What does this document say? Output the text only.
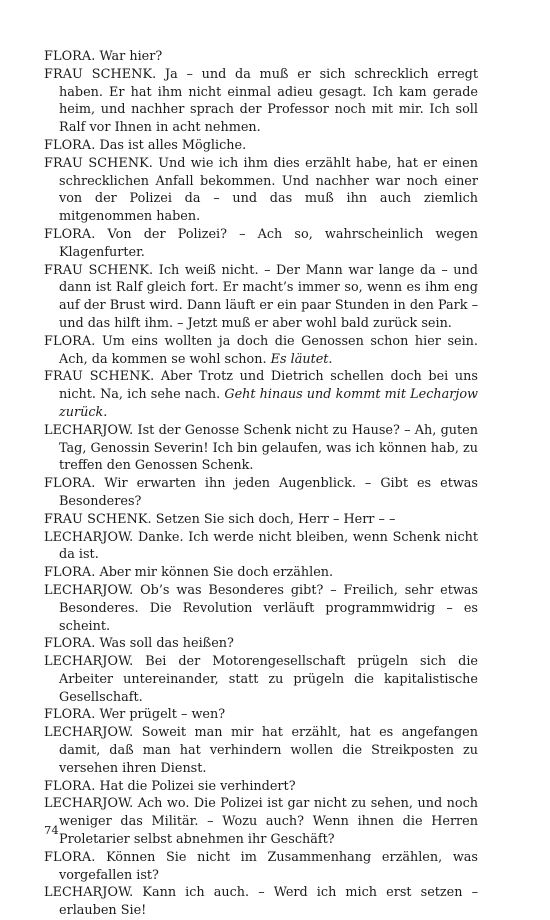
FLORA. War hier?

FRAU SCHENK. Ja – und da muß er sich schrecklich erregt haben. Er hat ihm nicht einmal adieu gesagt. Ich kam gerade heim, und nachher sprach der Professor noch mit mir. Ich soll Ralf vor Ihnen in acht nehmen.

FLORA. Das ist alles Mögliche.

FRAU SCHENK. Und wie ich ihm dies erzählt habe, hat er einen schrecklichen Anfall bekommen. Und nachher war noch einer von der Polizei da – und das muß ihn auch ziemlich mitgenommen haben.

FLORA. Von der Polizei? – Ach so, wahrscheinlich wegen Klagenfurter.

FRAU SCHENK. Ich weiß nicht. – Der Mann war lange da – und dann ist Ralf gleich fort. Er macht’s immer so, wenn es ihm eng auf der Brust wird. Dann läuft er ein paar Stunden in den Park – und das hilft ihm. – Jetzt muß er aber wohl bald zurück sein.

FLORA. Um eins wollten ja doch die Genossen schon hier sein. Ach, da kommen se wohl schon. Es läutet.

FRAU SCHENK. Aber Trotz und Dietrich schellen doch bei uns nicht. Na, ich sehe nach. Geht hinaus und kommt mit Lecharjow zurück.

LECHARJOW. Ist der Genosse Schenk nicht zu Hause? – Ah, guten Tag, Genossin Severin! Ich bin gelaufen, was ich können hab, zu treffen den Genossen Schenk.

FLORA. Wir erwarten ihn jeden Augenblick. – Gibt es etwas Besonderes?

FRAU SCHENK. Setzen Sie sich doch, Herr – Herr – –

LECHARJOW. Danke. Ich werde nicht bleiben, wenn Schenk nicht da ist.

FLORA. Aber mir können Sie doch erzählen.

LECHARJOW. Ob’s was Besonderes gibt? – Freilich, sehr etwas Besonderes. Die Revolution verläuft programmwidrig – es scheint.

FLORA. Was soll das heißen?

LECHARJOW. Bei der Motorengesellschaft prügeln sich die Arbeiter untereinander, statt zu prügeln die kapitalistische Gesellschaft.

FLORA. Wer prügelt – wen?

LECHARJOW. Soweit man mir hat erzählt, hat es angefangen damit, daß man hat verhindern wollen die Streikposten zu versehen ihren Dienst.

FLORA. Hat die Polizei sie verhindert?

LECHARJOW. Ach wo. Die Polizei ist gar nicht zu sehen, und noch weniger das Militär. – Wozu auch? Wenn ihnen die Herren Proletarier selbst abnehmen ihr Geschäft?

FLORA. Können Sie nicht im Zusammenhang erzählen, was vorgefallen ist?

LECHARJOW. Kann ich auch. – Werd ich mich erst setzen – erlauben Sie!

74
